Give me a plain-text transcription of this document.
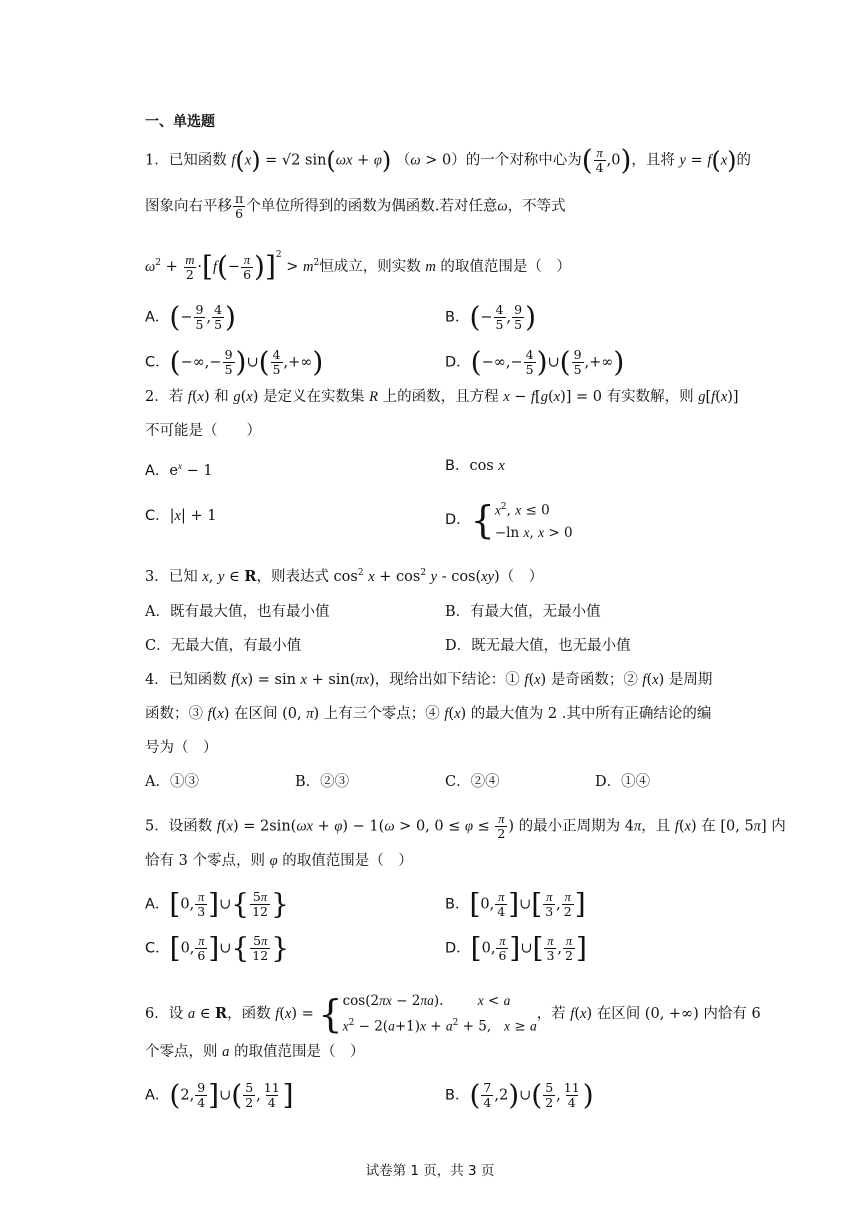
一、单选题
1．已知函数 f(x) = √2 sin(ωx + φ) （ω > 0）的一个对称中心为( $\frac{\pi}{4} ,0$)，且将 y = f(x)的
图象向右平移 $\frac{\pi}{6}$ 个单位所得到的函数为偶函数.若对任意ω，不等式
$\omega^2 + \frac{m}{2} \cdot[f(- \frac{\pi}{6} )]^2 > m^2$恒成立，则实数 m 的取值范围是（　）
A．(− $\frac{9}{5}$ , $\frac{4}{5}$ )	B．(− $\frac{4}{5}$ , $\frac{9}{5}$ )
C．(−∞,− $\frac{9}{5}$ )∪( $\frac{4}{5}$ ,+∞)	D．(−∞,− $\frac{4}{5}$ )∪( $\frac{9}{5}$ ,+∞)
2．若 f(x) 和 g(x) 是定义在实数集 R 上的函数，且方程 x − f[g(x)] = 0 有实数解，则 g[f(x)]
不可能是（　　）
A．$e^x - 1$	B．cos x
C．|x| + 1	D．{ $x^2$, x ≤ 0
−ln x, x > 0
3．已知 x, y ∈ R，则表达式 $\cos^2 x + \cos^2 y - \cos(xy)$（　）
A．既有最大值，也有最小值	B．有最大值，无最小值
C．无最大值，有最小值	D．既无最大值，也无最小值
4．已知函数 f(x) = sin x + sin(πx)，现给出如下结论：① f(x) 是奇函数；② f(x) 是周期
函数；③ f(x) 在区间 (0, π) 上有三个零点；④ f(x) 的最大值为 2 .其中所有正确结论的编
号为（　）
A．①③	B．②③	C．②④	D．①④
5．设函数 f(x) = 2sin(ωx + φ) − 1(ω > 0, $0 \le \varphi \le \frac{\pi}{2}$ ) 的最小正周期为 4π，且 f(x) 在 [0, 5π] 内
恰有 3 个零点，则 φ 的取值范围是（　）
A．[0, $\frac{\pi}{3}$ ]∪{ $\frac{5\pi}{12}$ }	B．[0, $\frac{\pi}{4}$ ]∪[ $\frac{\pi}{3}$ , $\frac{\pi}{2}$ ]
C．[0, $\frac{\pi}{6}$ ]∪{ $\frac{5\pi}{12}$ }	D．[0, $\frac{\pi}{6}$ ]∪[ $\frac{\pi}{3}$ , $\frac{\pi}{2}$ ]
6．设 a ∈ R，函数 f(x) = { cos(2πx − 2πa).        x < a
$x^2 - 2(a+1)x + a^2 + 5$,   x ≥ a
，若 f(x) 在区间 (0, +∞) 内恰有 6
个零点，则 a 的取值范围是（　）
A．(2, $\frac{9}{4}$ ]∪( $\frac{5}{2}$ , $\frac{11}{4}$ ]	B．( $\frac{7}{4}$ ,2)∪( $\frac{5}{2}$ , $\frac{11}{4}$ )
试卷第 1 页，共 3 页
